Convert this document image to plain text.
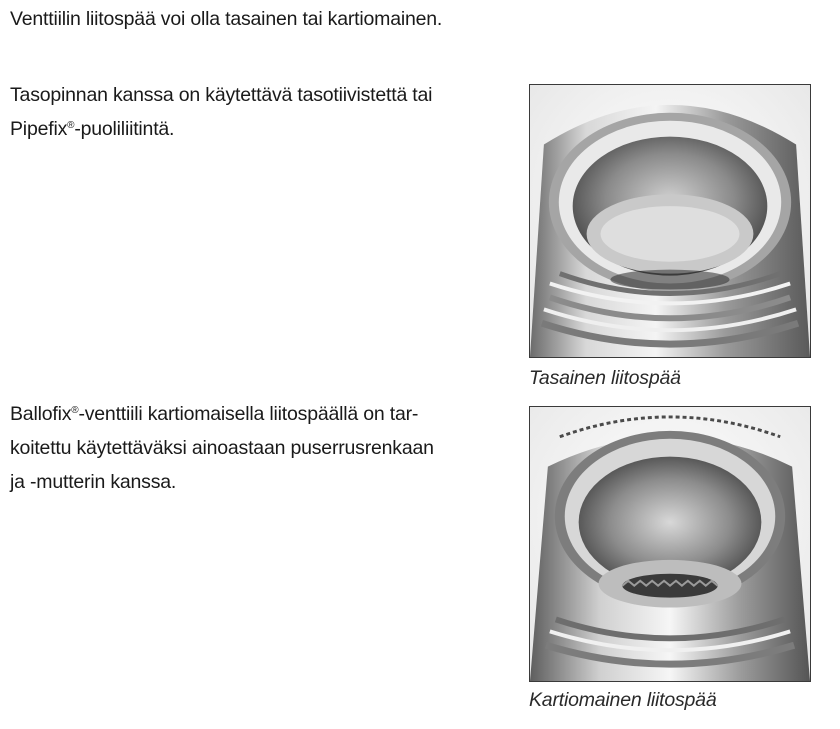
Venttiilin liitospää voi olla tasainen tai kartiomainen.

Tasopinnan kanssa on käytettävä tasotiivistettä tai
Pipefix®-puoliliitintä.
Ballofix®-venttiili kartiomaisella liitospäällä on tar-
koitettu käytettäväksi ainoastaan puserrusrenkaan
ja -mutterin kanssa.
Tasainen liitospää
Kartiomainen liitospää
